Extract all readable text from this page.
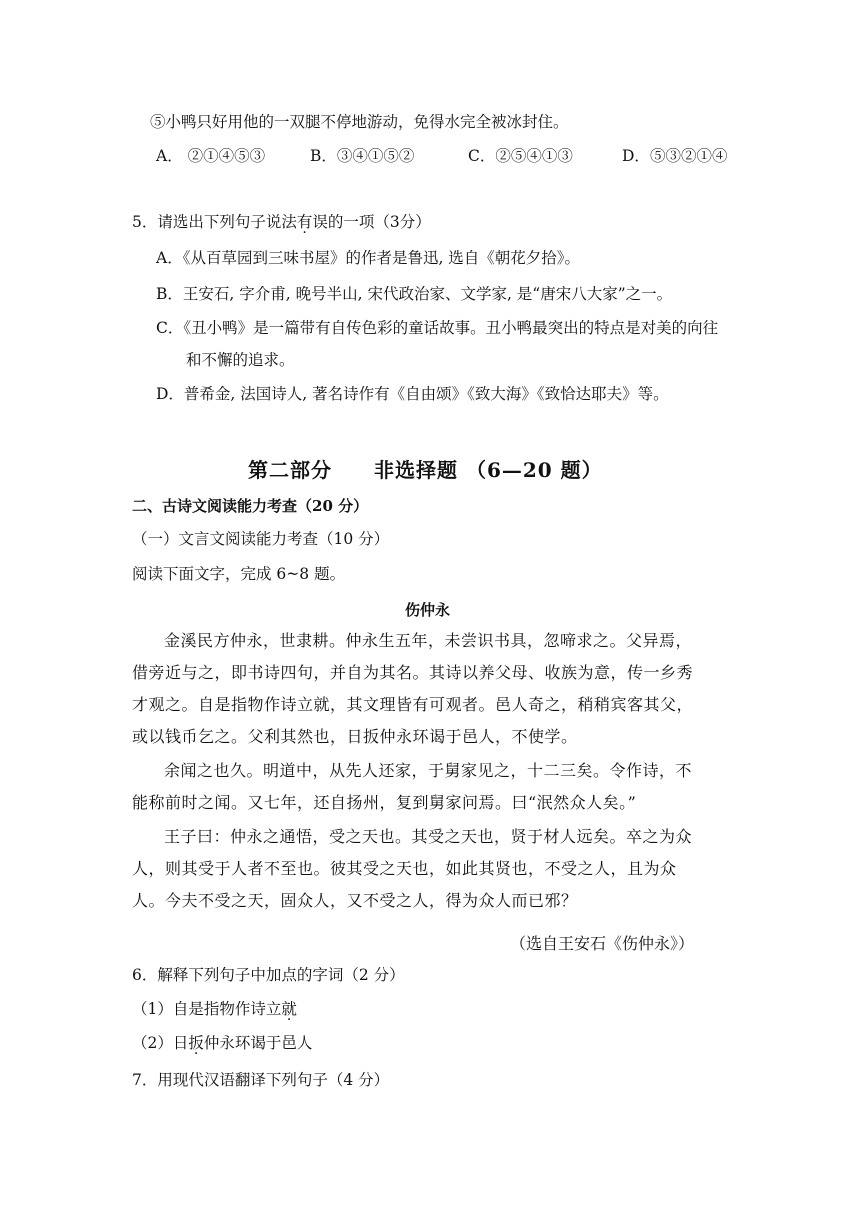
⑤小鸭只好用他的一双腿不停地游动，免得水完全被冰封住。
A． ②①④⑤③	B．③④①⑤②	C．②⑤④①③	D．⑤③②①④
5．请选出下列句子说法有误的一项（3分）
A．《从百草园到三味书屋》的作者是鲁迅, 选自《朝花夕拾》。
B．王安石, 字介甫, 晚号半山, 宋代政治家、文学家, 是“唐宋八大家”之一。
C．《丑小鸭》是一篇带有自传色彩的童话故事。丑小鸭最突出的特点是对美的向往
和不懈的追求。
D．普希金, 法国诗人, 著名诗作有《自由颂》《致大海》《致恰达耶夫》等。
第二部分　　非选择题 （6—20 题）
二、古诗文阅读能力考查（20 分）
（一）文言文阅读能力考查（10 分）
阅读下面文字，完成 6~8 题。
伤仲永
金溪民方仲永，世隶耕。仲永生五年，未尝识书具，忽啼求之。父异焉，借旁近与之，即书诗四句，并自为其名。其诗以养父母、收族为意，传一乡秀才观之。自是指物作诗立就，其文理皆有可观者。邑人奇之，稍稍宾客其父，或以钱币乞之。父利其然也，日扳仲永环谒于邑人，不使学。
余闻之也久。明道中，从先人还家，于舅家见之，十二三矣。令作诗，不能称前时之闻。又七年，还自扬州，复到舅家问焉。曰“泯然众人矣。”
王子曰：仲永之通悟，受之天也。其受之天也，贤于材人远矣。卒之为众人，则其受于人者不至也。彼其受之天也，如此其贤也，不受之人，且为众人。今夫不受之天，固众人，又不受之人，得为众人而已邪？
（选自王安石《伤仲永》）
6．解释下列句子中加点的字词（2 分）
（1）自是指物作诗立就
（2）日扳仲永环谒于邑人
7．用现代汉语翻译下列句子（4 分）
